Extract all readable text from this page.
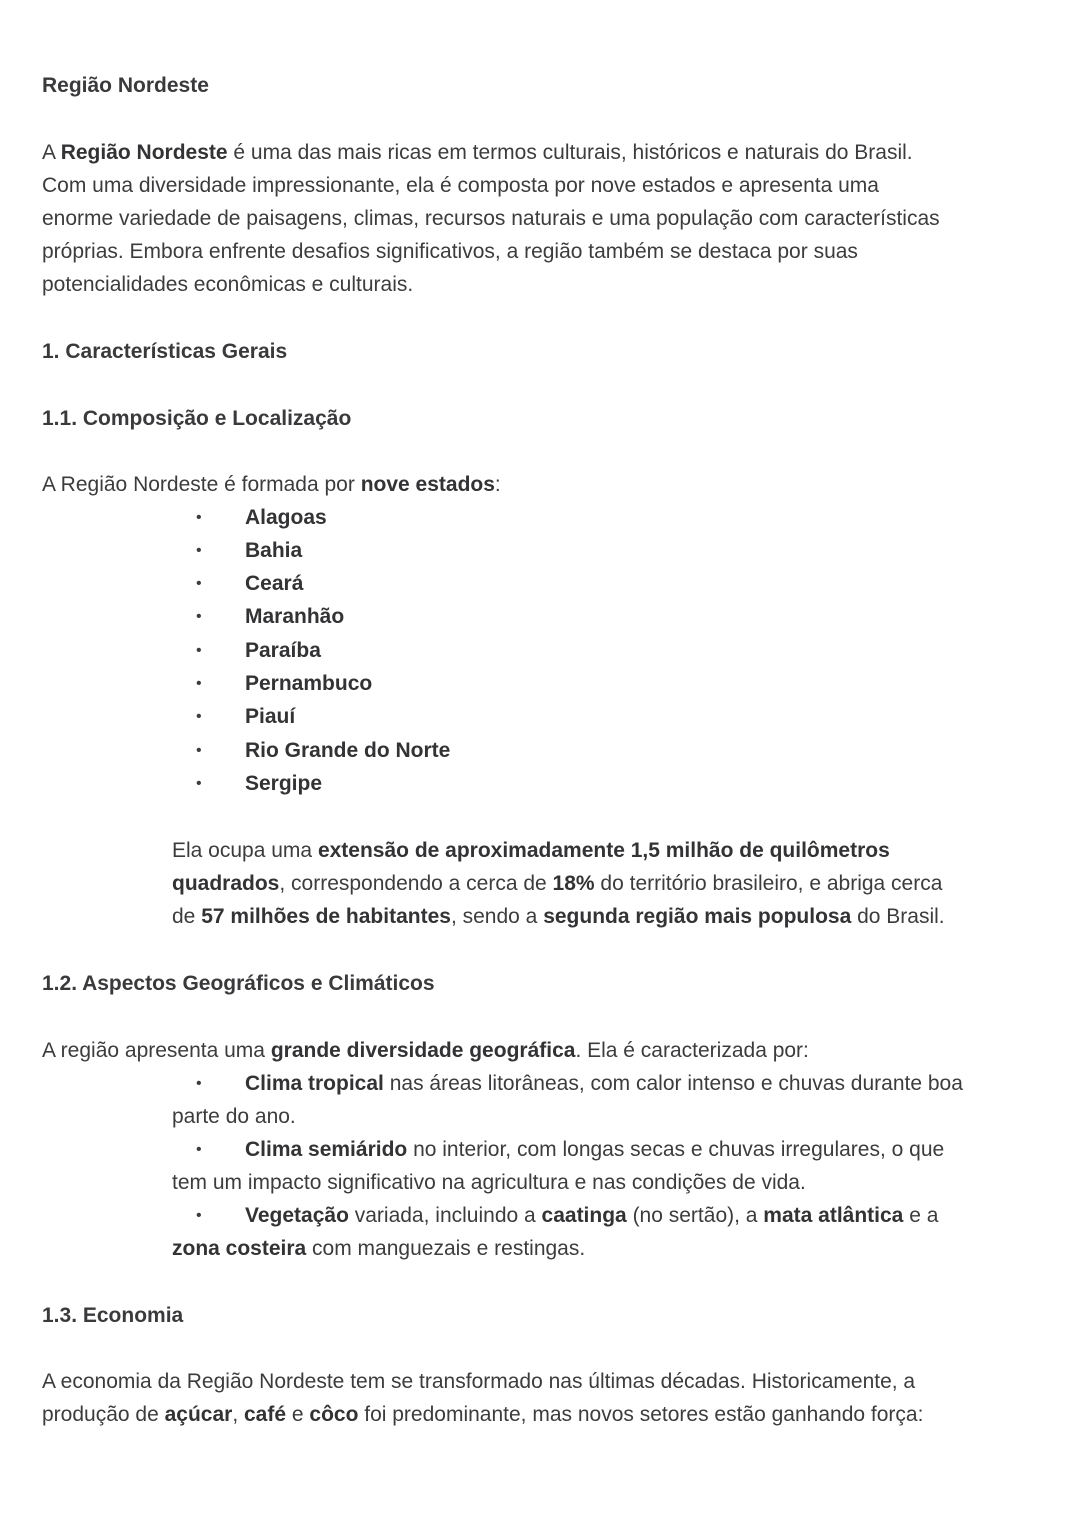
Região Nordeste
A Região Nordeste é uma das mais ricas em termos culturais, históricos e naturais do Brasil.
Com uma diversidade impressionante, ela é composta por nove estados e apresenta uma
enorme variedade de paisagens, climas, recursos naturais e uma população com características
próprias. Embora enfrente desafios significativos, a região também se destaca por suas
potencialidades econômicas e culturais.
1. Características Gerais
1.1. Composição e Localização
A Região Nordeste é formada por nove estados:
• Alagoas
• Bahia
• Ceará
• Maranhão
• Paraíba
• Pernambuco
• Piauí
• Rio Grande do Norte
• Sergipe
Ela ocupa uma extensão de aproximadamente 1,5 milhão de quilômetros
quadrados, correspondendo a cerca de 18% do território brasileiro, e abriga cerca
de 57 milhões de habitantes, sendo a segunda região mais populosa do Brasil.
1.2. Aspectos Geográficos e Climáticos
A região apresenta uma grande diversidade geográfica. Ela é caracterizada por:
• Clima tropical nas áreas litorâneas, com calor intenso e chuvas durante boa
parte do ano.
• Clima semiárido no interior, com longas secas e chuvas irregulares, o que
tem um impacto significativo na agricultura e nas condições de vida.
• Vegetação variada, incluindo a caatinga (no sertão), a mata atlântica e a
zona costeira com manguezais e restingas.
1.3. Economia
A economia da Região Nordeste tem se transformado nas últimas décadas. Historicamente, a
produção de açúcar, café e côco foi predominante, mas novos setores estão ganhando força:
